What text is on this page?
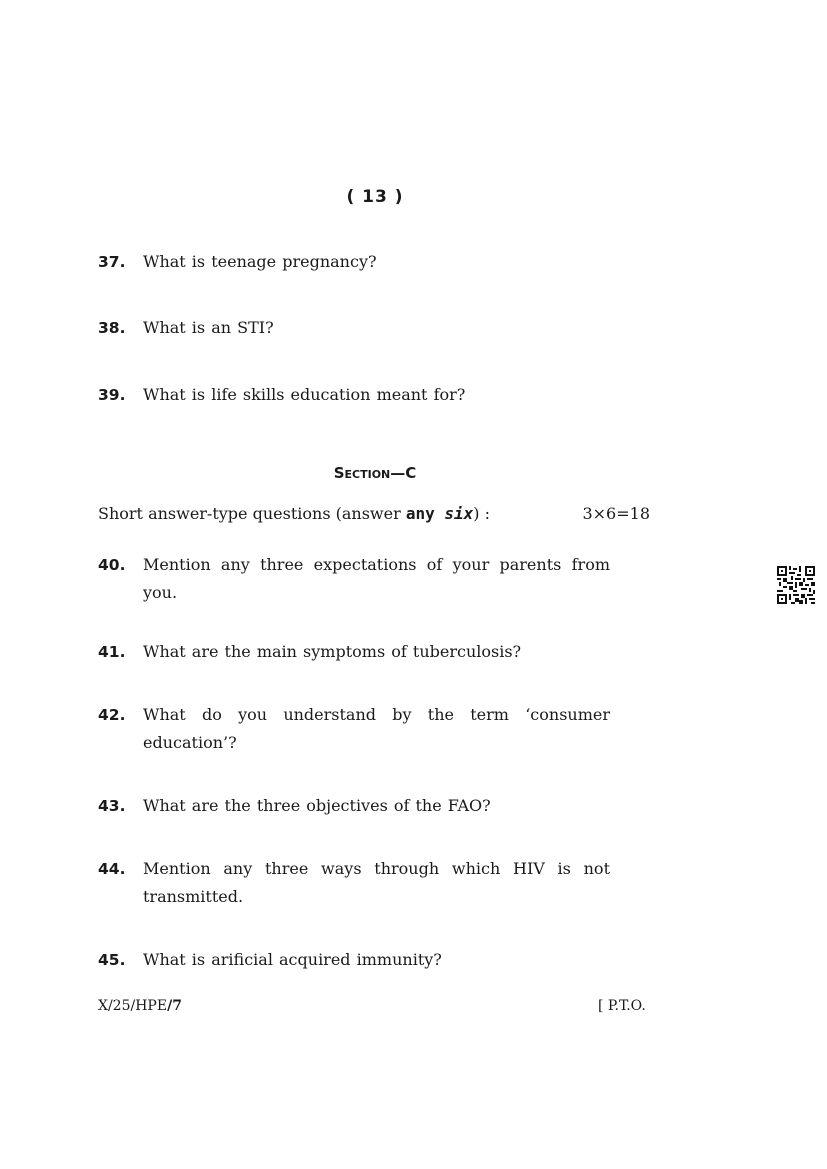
( 13 )
37. What is teenage pregnancy?
38. What is an STI?
39. What is life skills education meant for?
Section—C
Short answer-type questions (answer any six) :	3×6=18
40. Mention any three expectations of your parents from
you.
41. What are the main symptoms of tuberculosis?
42. What do you understand by the term ‘consumer
education’?
43. What are the three objectives of the FAO?
44. Mention any three ways through which HIV is not
transmitted.
45. What is arificial acquired immunity?
X/25/HPE/7	[ P.T.O.
